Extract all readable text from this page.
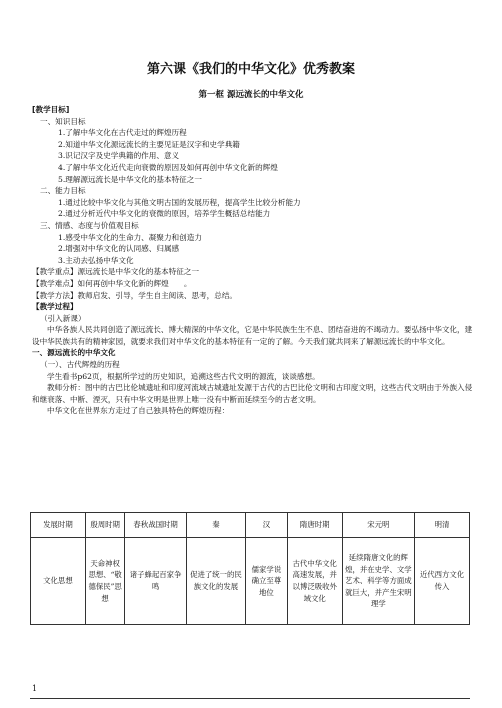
第六课《我们的中华文化》优秀教案
第一框 源远流长的中华文化
[教学目标]
一、知识目标
1.了解中华文化在古代走过的辉煌历程
2.知道中华文化源远流长的主要见证是汉字和史学典籍
3.识记汉字及史学典籍的作用、意义
4.了解中华文化近代走向衰微的原因及如何再创中华文化新的辉煌
5.理解源远流长是中华文化的基本特征之一
二、能力目标
1.通过比较中华文化与其他文明古国的发展历程，提高学生比较分析能力
2.通过分析近代中华文化的衰微的原因，培养学生概括总结能力
三、情感、态度与价值观目标
1.感受中华文化的生命力、凝聚力和创造力
2.增强对中华文化的认同感、归属感
3.主动去弘扬中华文化
【教学重点】源远流长是中华文化的基本特征之一
【教学难点】如何再创中华文化新的辉煌　　。
【教学方法】教师启发、引导，学生自主阅读、思考，总结。
【教学过程】
（引入新课）
中华各族人民共同创造了源远流长、博大精深的中华文化，它是中华民族生生不息、团结奋进的不竭动力。要弘扬中华文化，建设中华民族共有的精神家园，就要求我们对中华文化的基本特征有一定的了解。今天我们就共同来了解源远流长的中华文化。
一、源远流长的中华文化
（一）、古代辉煌的历程
学生看书p62页，根据所学过的历史知识，追溯这些古代文明的源流，谈谈感想。
教师分析：图中的古巴比伦城遗址和印度河流域古城遗址发源于古代的古巴比伦文明和古印度文明，这些古代文明由于外族入侵和继衰落、中断、湮灭，只有中华文明是世界上唯一没有中断而延续至今的古老文明。
中华文化在世界东方走过了自己独具特色的辉煌历程：
发展时期	殷周时期	春秋战国时期	秦	汉	隋唐时期	宋元明	明清
文化思想	天命神权思想、“敬德保民”思想	诸子蜂起百家争鸣	促进了统一的民族文化的发展	儒家学说确立至尊地位	古代中华文化高速发展，并以博泛吸收外域文化	延续隋唐文化的辉煌，并在史学、文学艺术、科学等方面成就巨大，并产生宋明理学	近代西方文化传入
1
